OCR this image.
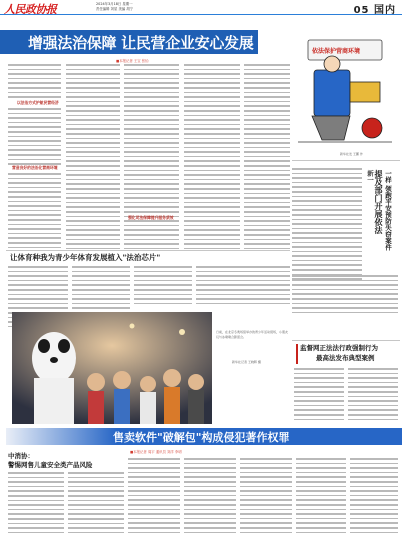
人民政协报	2024年3月18日 星期一
责任编辑 刘星 美编 胡宁	05 国内
增强法治保障 让民营企业安心发展
■本报记者 王宝 张怡
以法治方式护航民营经济
营造良好的法治化营商环境
强化司法保障提升服务质效
依法保护营商环境
新华社发 王鹏 作
新一 提及部门开展依法 一样 领跑平安预防失窃案件
让体育种我为青少年体育发展植入"法治芯片"
日前，在北京冬奥场馆举办的青少年活动现场，小朋友们与冰墩墩合影留念。
新华社记者 王晓晖 摄
监督网正法法行政强制行为
最高法发布典型案例
中消协：
警惕网售儿童安全类产品风险
售卖软件"破解包"构成侵犯著作权罪
■本报记者 周宇 通讯员 刘洋 李明
